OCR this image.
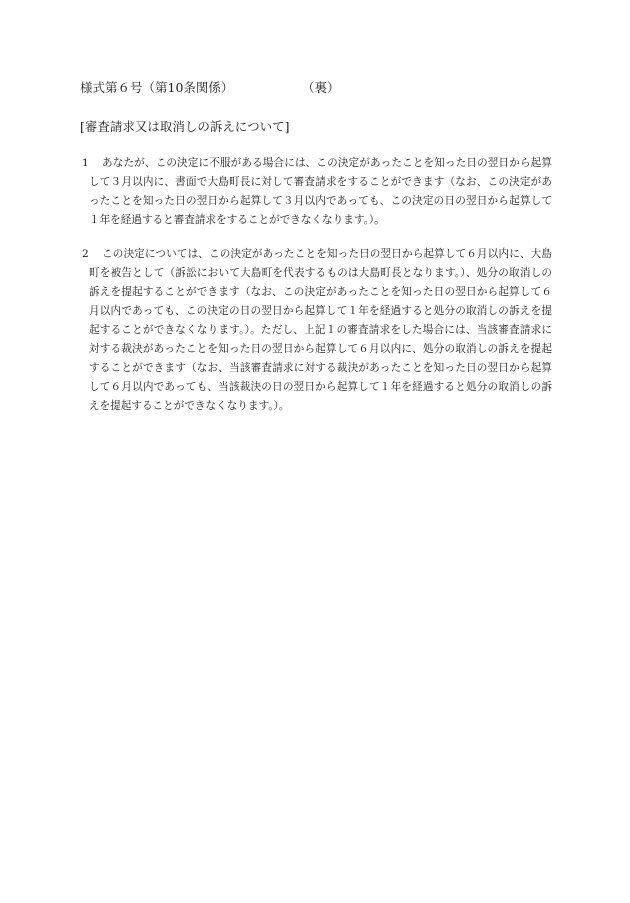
様式第６号（第10条関係）	（裏）
[審査請求又は取消しの訴えについて]
1	あなたが、この決定に不服がある場合には、この決定があったことを知った日の翌日から起算して３月以内に、書面で大島町長に対して審査請求をすることができます（なお、この決定があったことを知った日の翌日から起算して３月以内であっても、この決定の日の翌日から起算して１年を経過すると審査請求をすることができなくなります。）。
2	この決定については、この決定があったことを知った日の翌日から起算して６月以内に、大島町を被告として（訴訟において大島町を代表するものは大島町長となります。）、処分の取消しの訴えを提起することができます（なお、この決定があったことを知った日の翌日から起算して６月以内であっても、この決定の日の翌日から起算して１年を経過すると処分の取消しの訴えを提起することができなくなります。）。ただし、上記１の審査請求をした場合には、当該審査請求に対する裁決があったことを知った日の翌日から起算して６月以内に、処分の取消しの訴えを提起することができます（なお、当該審査請求に対する裁決があったことを知った日の翌日から起算して６月以内であっても、当該裁決の日の翌日から起算して１年を経過すると処分の取消しの訴えを提起することができなくなります。）。
